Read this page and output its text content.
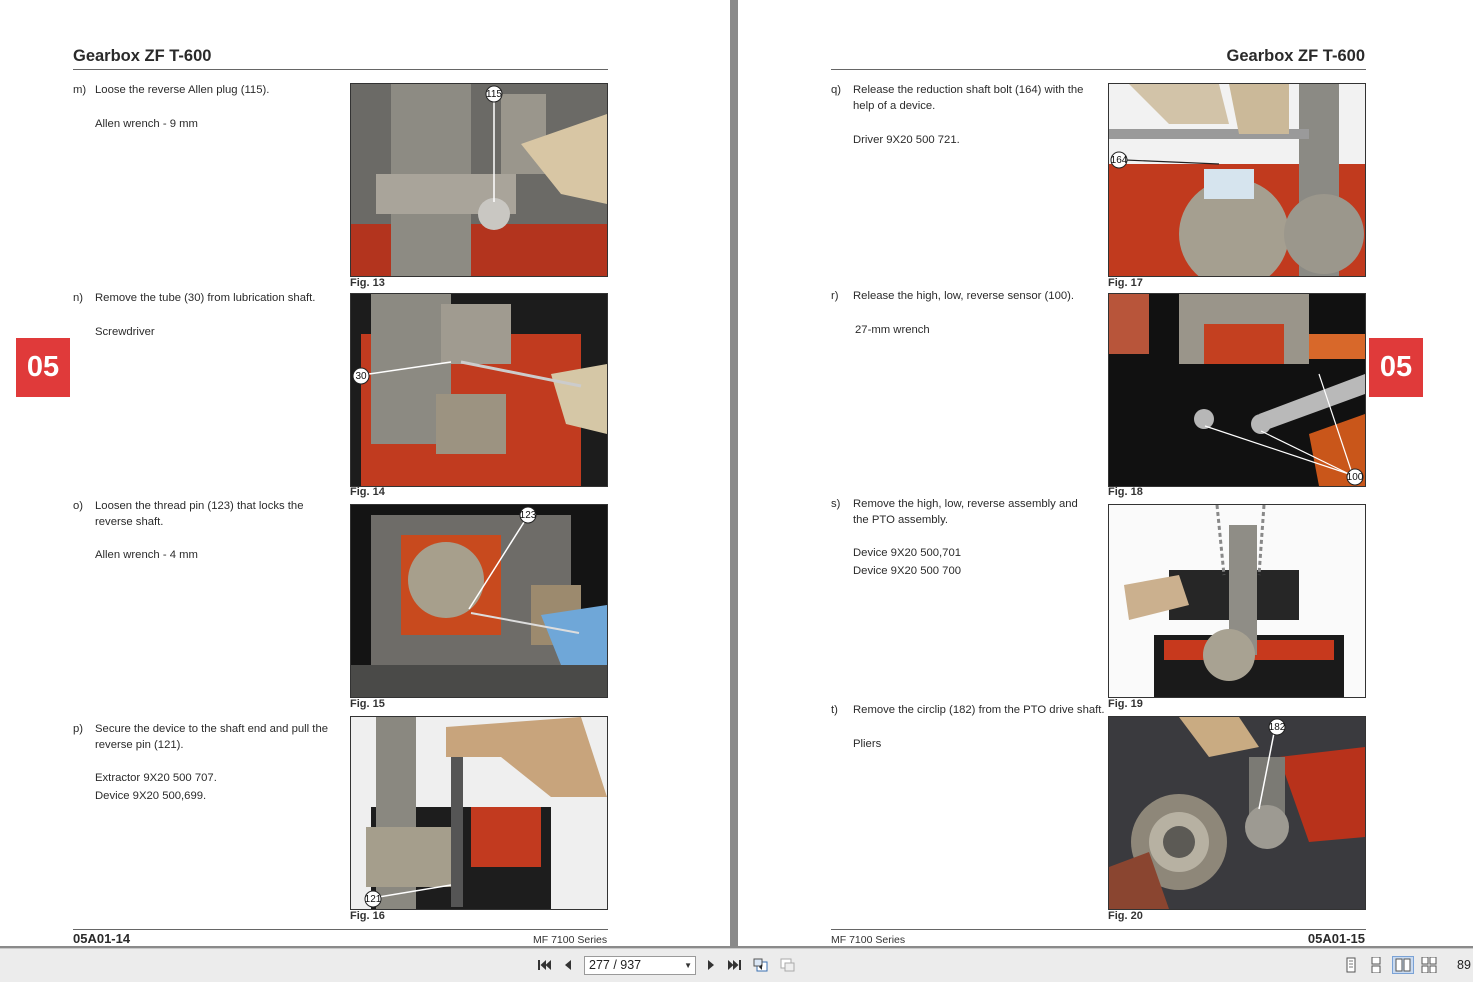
Gearbox ZF T-600
m) Loose the reverse Allen plug (115).
Allen wrench - 9 mm
115
Fig. 13
n) Remove the tube (30) from lubrication shaft.
Screwdriver
30
Fig. 14
o) Loosen the thread pin (123) that locks the reverse shaft.
Allen wrench - 4 mm
123
Fig. 15
p) Secure the device to the shaft end and pull the reverse pin (121).
Extractor 9X20 500 707.
Device 9X20 500,699.
121
Fig. 16
05
05A01-14	MF 7100 Series
Gearbox ZF T-600
q) Release the reduction shaft bolt (164) with the help of a device.
Driver 9X20 500 721.
164
Fig. 17
r) Release the high, low, reverse sensor (100).
27-mm wrench
100
Fig. 18
s) Remove the high, low, reverse assembly and the PTO assembly.
Device 9X20 500,701
Device 9X20 500 700
Fig. 19
t) Remove the circlip (182) from the PTO drive shaft.
Pliers
182
Fig. 20
05
MF 7100 Series	05A01-15
277 / 937	▼	89
